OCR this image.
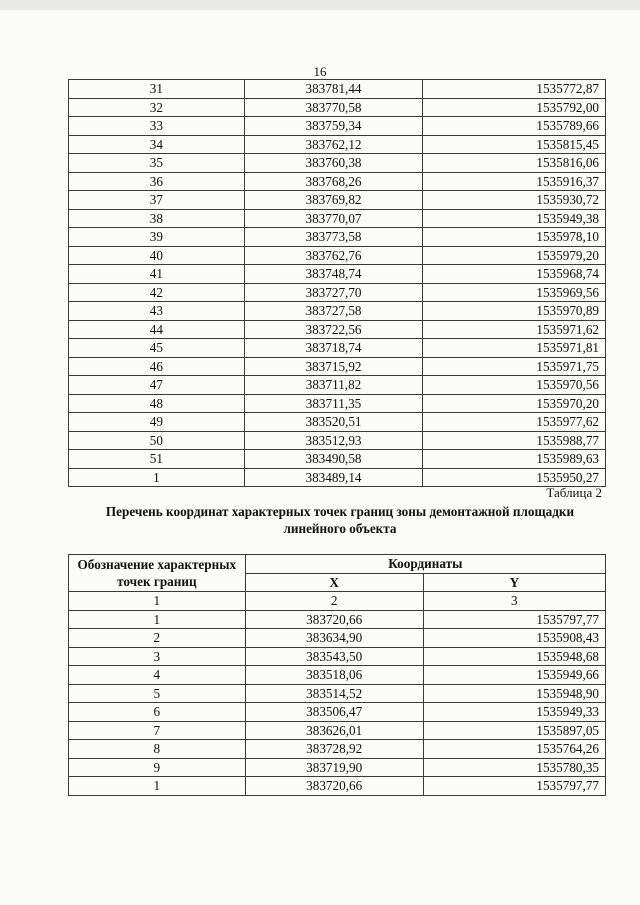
16
31	383781,44	1535772,87
32	383770,58	1535792,00
33	383759,34	1535789,66
34	383762,12	1535815,45
35	383760,38	1535816,06
36	383768,26	1535916,37
37	383769,82	1535930,72
38	383770,07	1535949,38
39	383773,58	1535978,10
40	383762,76	1535979,20
41	383748,74	1535968,74
42	383727,70	1535969,56
43	383727,58	1535970,89
44	383722,56	1535971,62
45	383718,74	1535971,81
46	383715,92	1535971,75
47	383711,82	1535970,56
48	383711,35	1535970,20
49	383520,51	1535977,62
50	383512,93	1535988,77
51	383490,58	1535989,63
1	383489,14	1535950,27
Таблица 2
Перечень координат характерных точек границ зоны демонтажной площадки линейного объекта
Обозначение характерных точек границ	Координаты	
	X	Y
1	2	3
1	383720,66	1535797,77
2	383634,90	1535908,43
3	383543,50	1535948,68
4	383518,06	1535949,66
5	383514,52	1535948,90
6	383506,47	1535949,33
7	383626,01	1535897,05
8	383728,92	1535764,26
9	383719,90	1535780,35
1	383720,66	1535797,77
